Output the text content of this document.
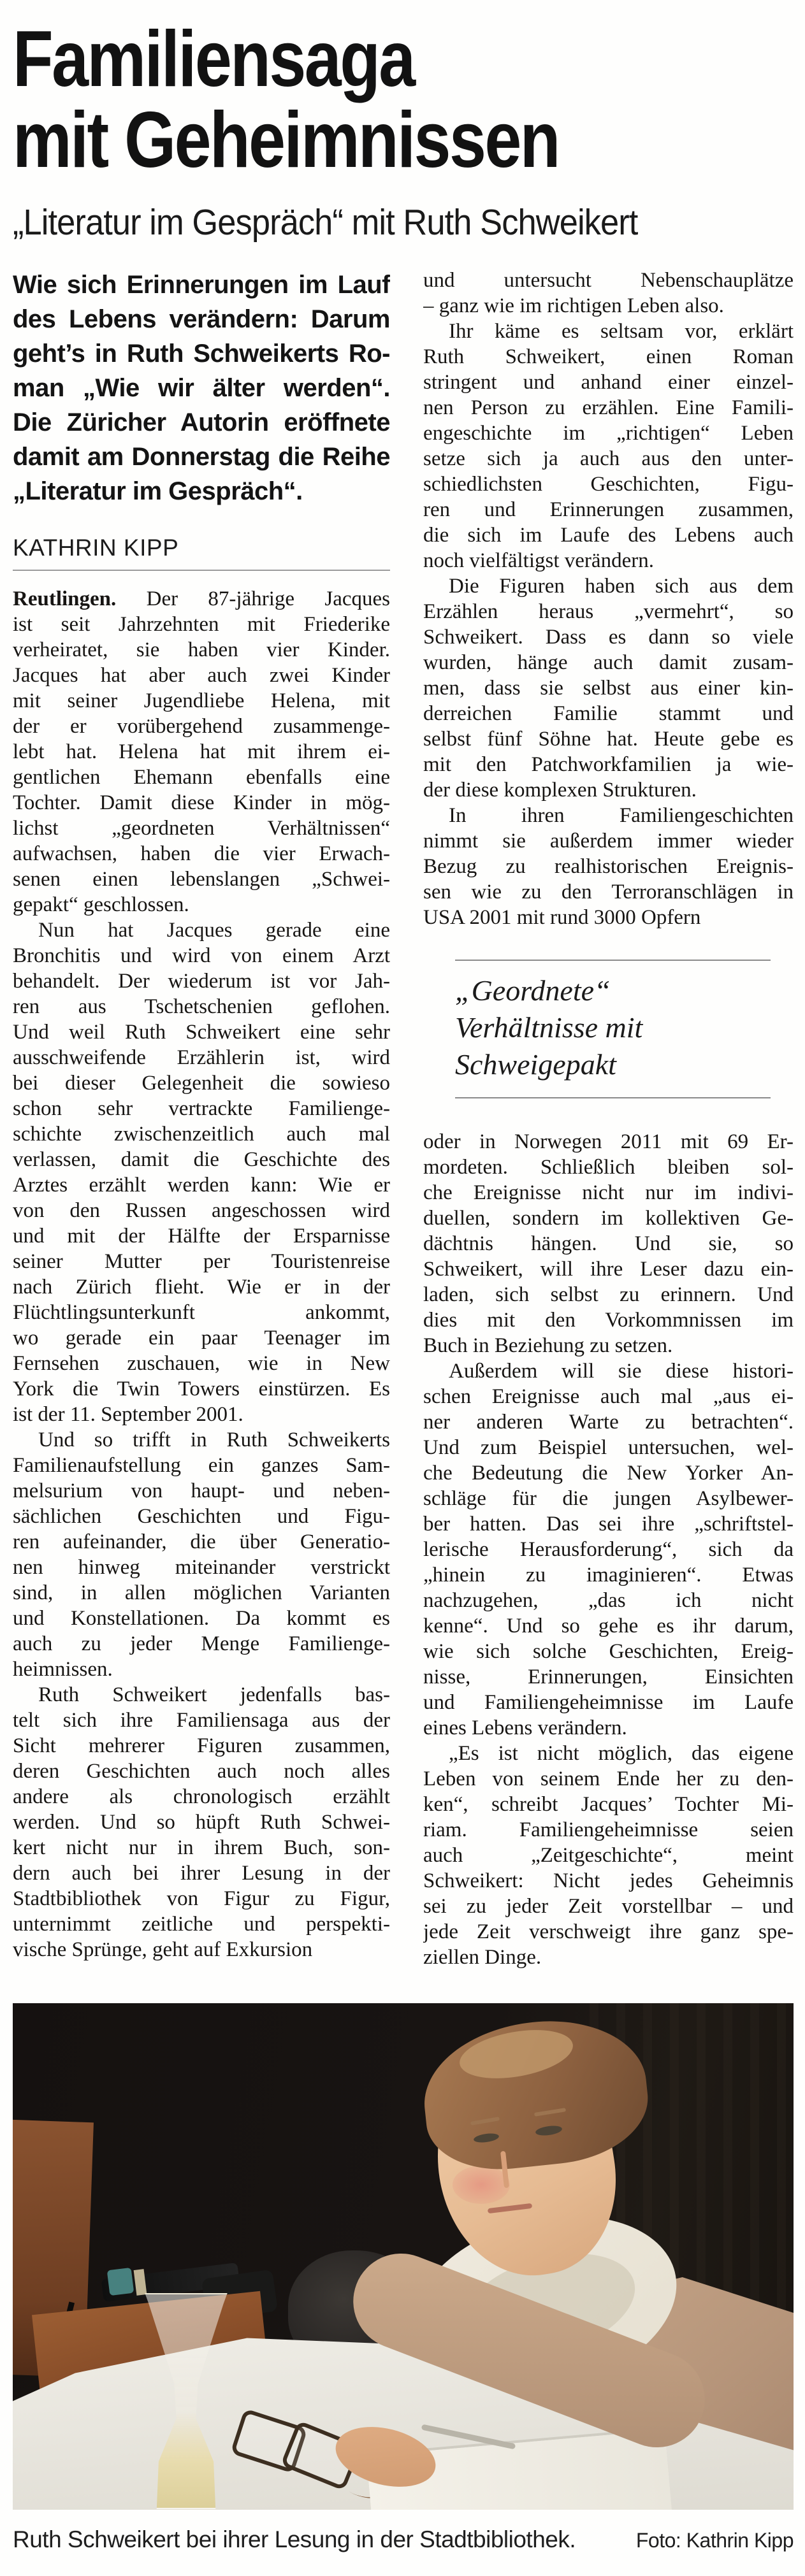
Familiensaga
mit Geheimnissen
„Literatur im Gespräch“ mit Ruth Schweikert
Wie sich Erinnerungen im Lauf
des Lebens verändern: Darum
geht’s in Ruth Schweikerts Ro-
man „Wie wir älter werden“.
Die Züricher Autorin eröffnete
damit am Donnerstag die Reihe
„Literatur im Gespräch“.
KATHRIN KIPP
Reutlingen. Der 87-jährige Jacques
ist seit Jahrzehnten mit Friederike
verheiratet, sie haben vier Kinder.
Jacques hat aber auch zwei Kinder
mit seiner Jugendliebe Helena, mit
der er vorübergehend zusammenge-
lebt hat. Helena hat mit ihrem ei-
gentlichen Ehemann ebenfalls eine
Tochter. Damit diese Kinder in mög-
lichst „geordneten Verhältnissen“
aufwachsen, haben die vier Erwach-
senen einen lebenslangen „Schwei-
gepakt“ geschlossen.
Nun hat Jacques gerade eine
Bronchitis und wird von einem Arzt
behandelt. Der wiederum ist vor Jah-
ren aus Tschetschenien geflohen.
Und weil Ruth Schweikert eine sehr
ausschweifende Erzählerin ist, wird
bei dieser Gelegenheit die sowieso
schon sehr vertrackte Familienge-
schichte zwischenzeitlich auch mal
verlassen, damit die Geschichte des
Arztes erzählt werden kann: Wie er
von den Russen angeschossen wird
und mit der Hälfte der Ersparnisse
seiner Mutter per Touristenreise
nach Zürich flieht. Wie er in der
Flüchtlingsunterkunft ankommt,
wo gerade ein paar Teenager im
Fernsehen zuschauen, wie in New
York die Twin Towers einstürzen. Es
ist der 11. September 2001.
Und so trifft in Ruth Schweikerts
Familienaufstellung ein ganzes Sam-
melsurium von haupt- und neben-
sächlichen Geschichten und Figu-
ren aufeinander, die über Generatio-
nen hinweg miteinander verstrickt
sind, in allen möglichen Varianten
und Konstellationen. Da kommt es
auch zu jeder Menge Familienge-
heimnissen.
Ruth Schweikert jedenfalls bas-
telt sich ihre Familiensaga aus der
Sicht mehrerer Figuren zusammen,
deren Geschichten auch noch alles
andere als chronologisch erzählt
werden. Und so hüpft Ruth Schwei-
kert nicht nur in ihrem Buch, son-
dern auch bei ihrer Lesung in der
Stadtbibliothek von Figur zu Figur,
unternimmt zeitliche und perspekti-
vische Sprünge, geht auf Exkursion
und untersucht Nebenschauplätze
– ganz wie im richtigen Leben also.
Ihr käme es seltsam vor, erklärt
Ruth Schweikert, einen Roman
stringent und anhand einer einzel-
nen Person zu erzählen. Eine Famili-
engeschichte im „richtigen“ Leben
setze sich ja auch aus den unter-
schiedlichsten Geschichten, Figu-
ren und Erinnerungen zusammen,
die sich im Laufe des Lebens auch
noch vielfältigst verändern.
Die Figuren haben sich aus dem
Erzählen heraus „vermehrt“, so
Schweikert. Dass es dann so viele
wurden, hänge auch damit zusam-
men, dass sie selbst aus einer kin-
derreichen Familie stammt und
selbst fünf Söhne hat. Heute gebe es
mit den Patchworkfamilien ja wie-
der diese komplexen Strukturen.
In ihren Familiengeschichten
nimmt sie außerdem immer wieder
Bezug zu realhistorischen Ereignis-
sen wie zu den Terroranschlägen in
USA 2001 mit rund 3000 Opfern
„Geordnete“
Verhältnisse mit
Schweigepakt
oder in Norwegen 2011 mit 69 Er-
mordeten. Schließlich bleiben sol-
che Ereignisse nicht nur im indivi-
duellen, sondern im kollektiven Ge-
dächtnis hängen. Und sie, so
Schweikert, will ihre Leser dazu ein-
laden, sich selbst zu erinnern. Und
dies mit den Vorkommnissen im
Buch in Beziehung zu setzen.
Außerdem will sie diese histori-
schen Ereignisse auch mal „aus ei-
ner anderen Warte zu betrachten“.
Und zum Beispiel untersuchen, wel-
che Bedeutung die New Yorker An-
schläge für die jungen Asylbewer-
ber hatten. Das sei ihre „schriftstel-
lerische Herausforderung“, sich da
„hinein zu imaginieren“. Etwas
nachzugehen, „das ich nicht
kenne“. Und so gehe es ihr darum,
wie sich solche Geschichten, Ereig-
nisse, Erinnerungen, Einsichten
und Familiengeheimnisse im Laufe
eines Lebens verändern.
„Es ist nicht möglich, das eigene
Leben von seinem Ende her zu den-
ken“, schreibt Jacques’ Tochter Mi-
riam. Familiengeheimnisse seien
auch „Zeitgeschichte“, meint
Schweikert: Nicht jedes Geheimnis
sei zu jeder Zeit vorstellbar – und
jede Zeit verschweigt ihre ganz spe-
ziellen Dinge.
Ruth Schweikert bei ihrer Lesung in der Stadtbibliothek.	Foto: Kathrin Kipp
